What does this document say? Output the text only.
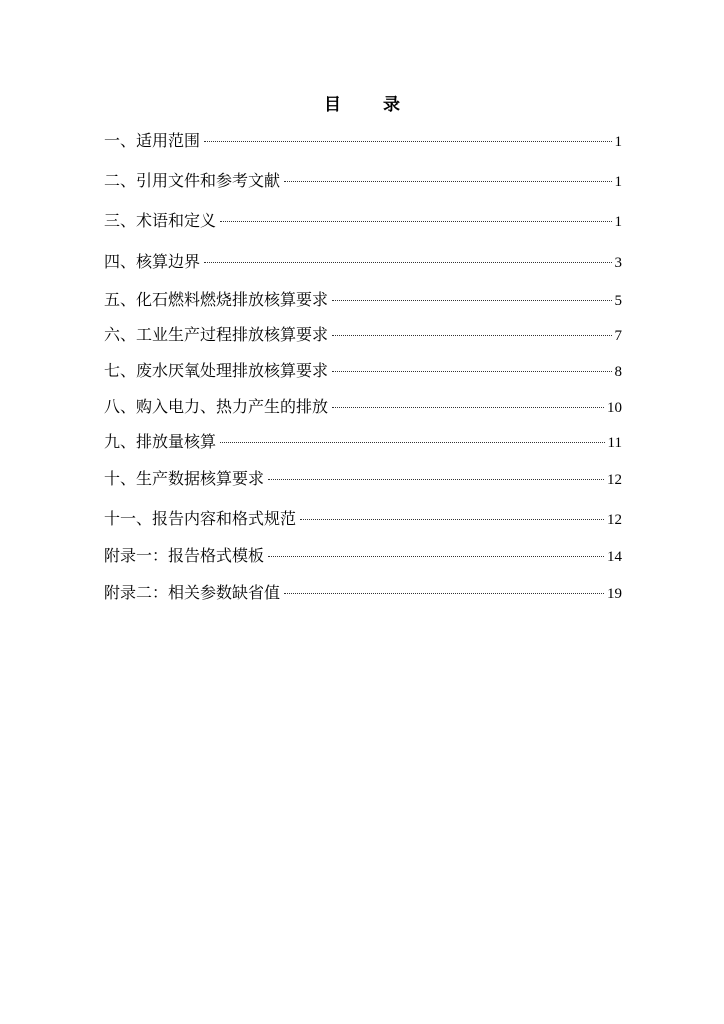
目 录
一、适用范围	1
二、引用文件和参考文献	1
三、术语和定义	1
四、核算边界	3
五、化石燃料燃烧排放核算要求	5
六、工业生产过程排放核算要求	7
七、废水厌氧处理排放核算要求	8
八、购入电力、热力产生的排放	10
九、排放量核算	11
十、生产数据核算要求	12
十一、报告内容和格式规范	12
附录一：报告格式模板	14
附录二：相关参数缺省值	19
